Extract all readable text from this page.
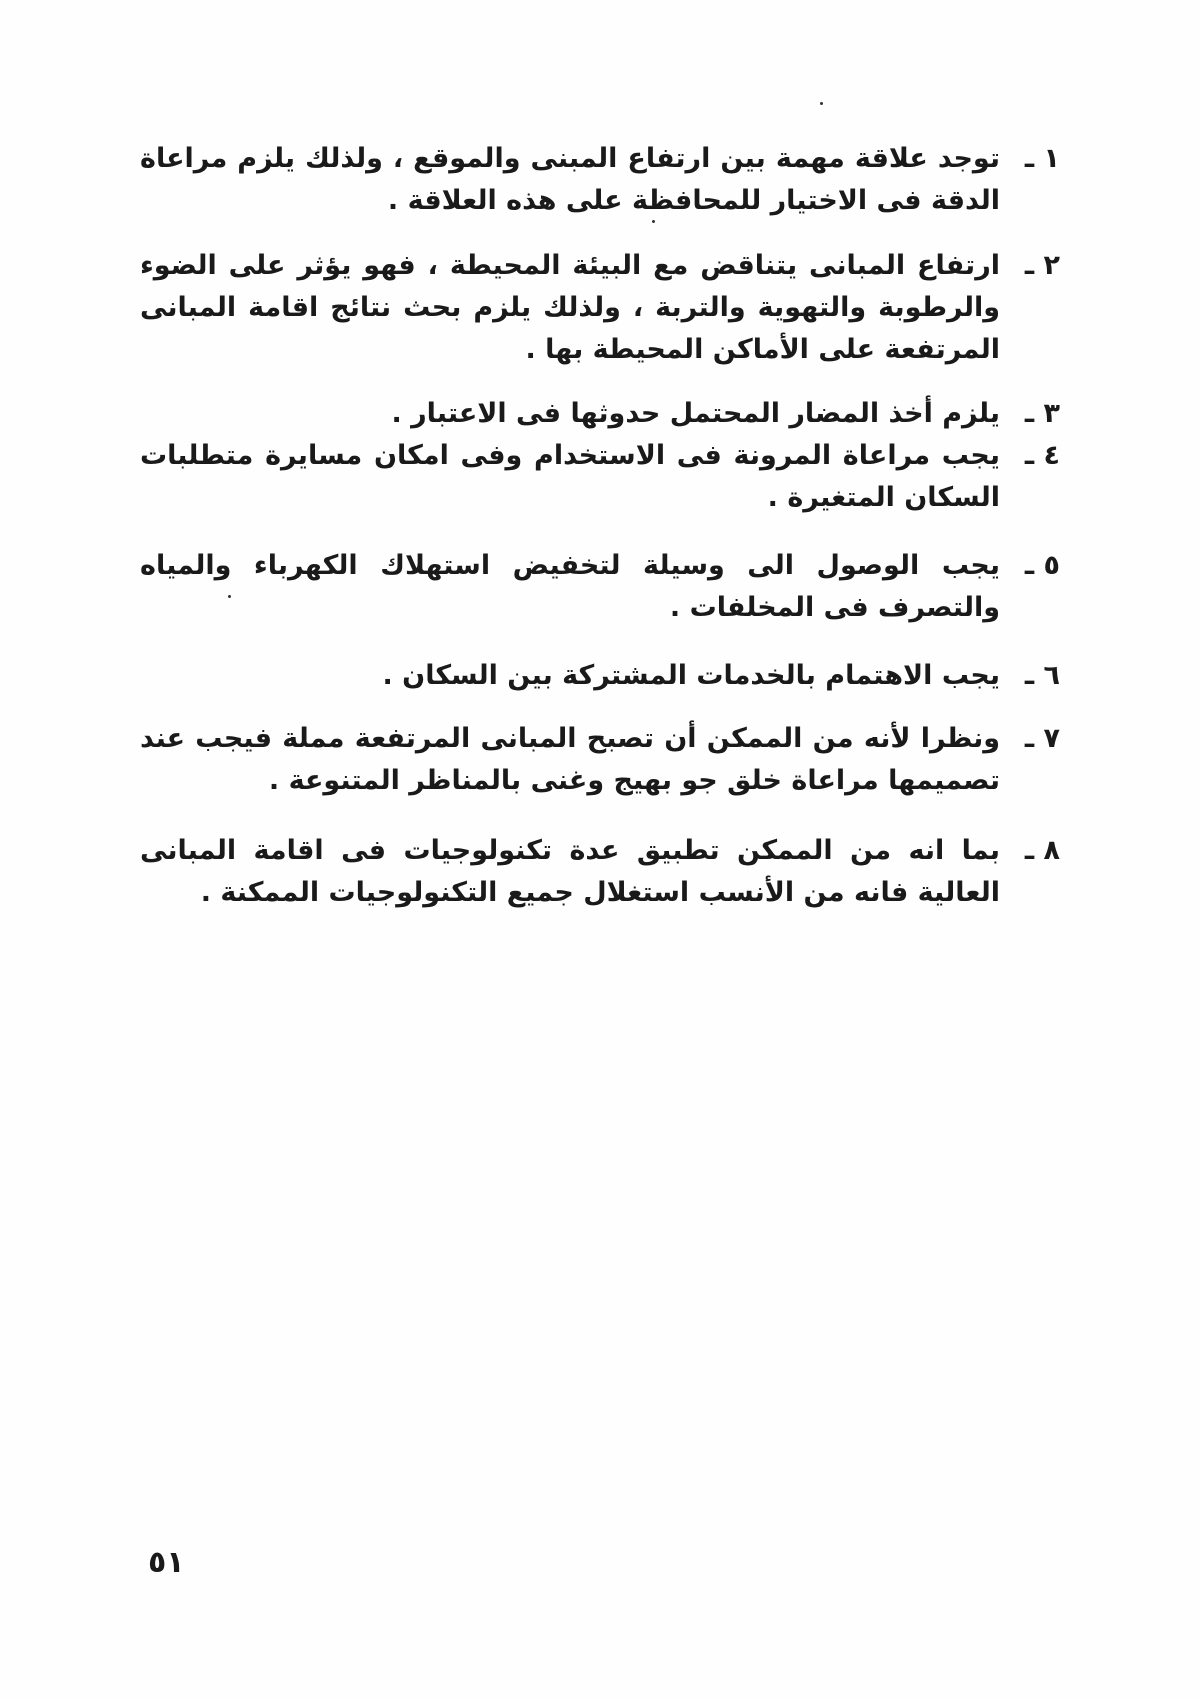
١ ـ
توجد علاقة مهمة بين ارتفاع المبنى والموقع ، ولذلك يلزم مراعاة الدقة فى الاختيار للمحافظة على هذه العلاقة .
٢ ـ
ارتفاع المبانى يتناقض مع البيئة المحيطة ، فهو يؤثر على الضوء والرطوبة والتهوية والتربة ، ولذلك يلزم بحث نتائج اقامة المبانى المرتفعة على الأماكن المحيطة بها .
٣ ـ
يلزم أخذ المضار المحتمل حدوثها فى الاعتبار .
٤ ـ
يجب مراعاة المرونة فى الاستخدام وفى امكان مسايرة متطلبات السكان المتغيرة .
٥ ـ
يجب الوصول الى وسيلة لتخفيض استهلاك الكهرباء والمياه والتصرف فى المخلفات .
٦ ـ
يجب الاهتمام بالخدمات المشتركة بين السكان .
٧ ـ
ونظرا لأنه من الممكن أن تصبح المبانى المرتفعة مملة فيجب عند تصميمها مراعاة خلق جو بهيج وغنى بالمناظر المتنوعة .
٨ ـ
بما انه من الممكن تطبيق عدة تكنولوجيات فى اقامة المبانى العالية فانه من الأنسب استغلال جميع التكنولوجيات الممكنة .
٥١
